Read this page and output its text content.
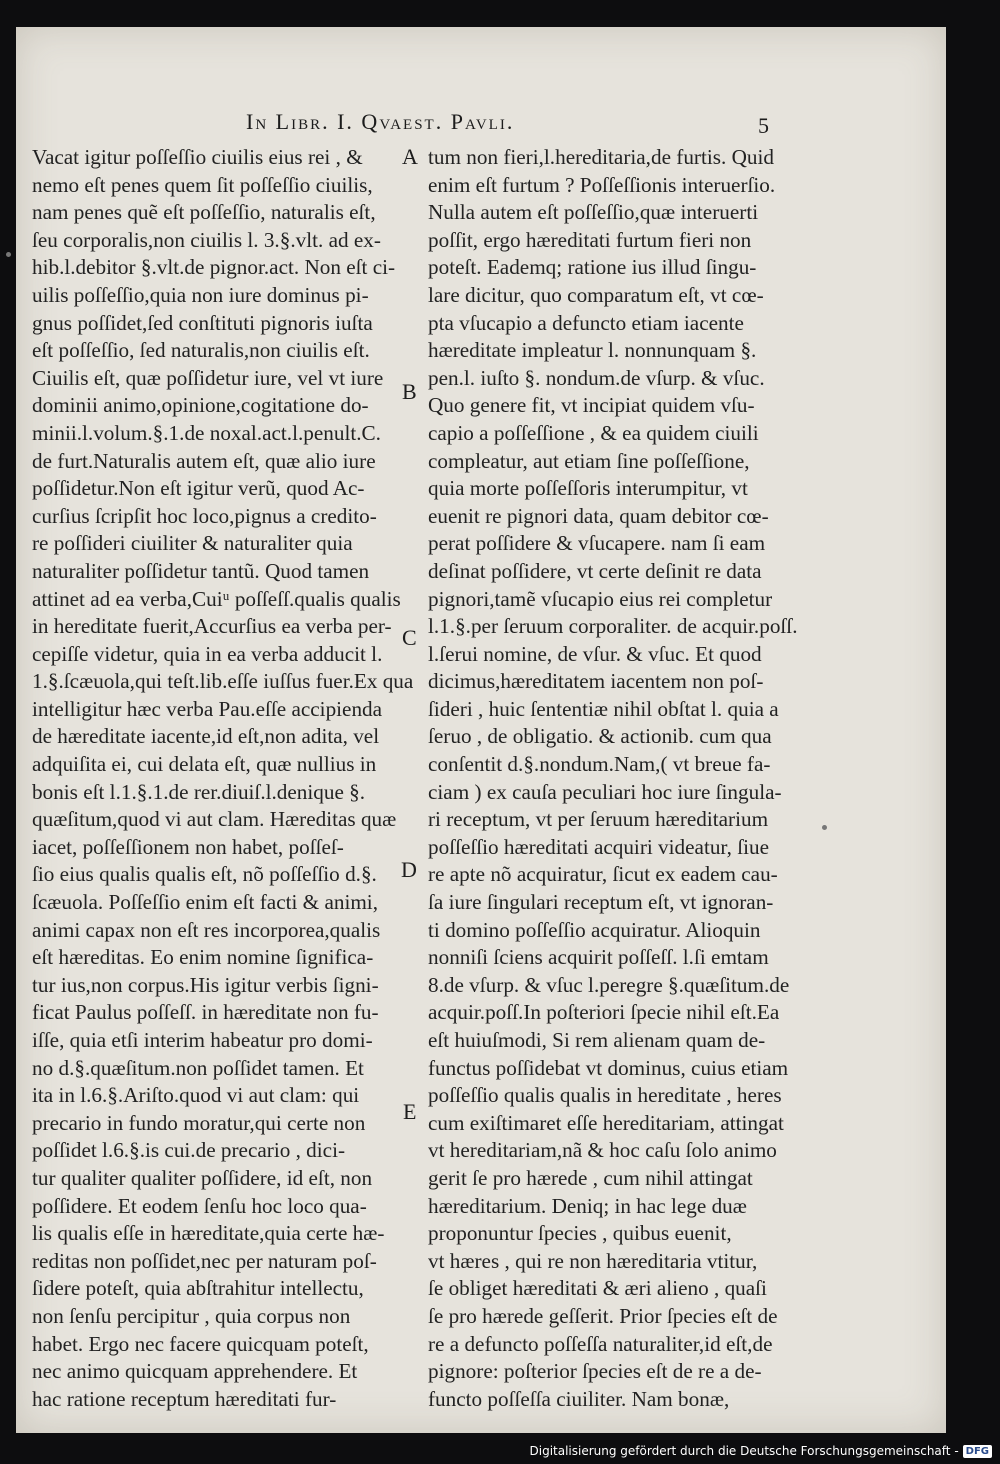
In Libr. I. Qvaest. Pavli.	5
Vacat igitur poſſeſſio ciuilis eius rei , &
nemo eſt penes quem ſit poſſeſſio ciuilis,
nam penes quẽ eſt poſſeſſio, naturalis eſt,
ſeu corporalis,non ciuilis l. 3.§.vlt. ad ex-
hib.l.debitor §.vlt.de pignor.act. Non eſt ci-
uilis poſſeſſio,quia non iure dominus pi-
gnus poſſidet,ſed conſtituti pignoris iuſta
eſt poſſeſſio, ſed naturalis,non ciuilis eſt.
Ciuilis eſt, quæ poſſidetur iure, vel vt iure
dominii animo,opinione,cogitatione do-
minii.l.volum.§.1.de noxal.act.l.penult.C.
de furt.Naturalis autem eſt, quæ alio iure
poſſidetur.Non eſt igitur verũ, quod Ac-
curſius ſcripſit hoc loco,pignus a credito-
re poſſideri ciuiliter & naturaliter quia
naturaliter poſſidetur tantũ. Quod tamen
attinet ad ea verba,Cuiᵘ poſſeſſ.qualis qualis
in hereditate fuerit,Accurſius ea verba per-
cepiſſe videtur, quia in ea verba adducit l.
1.§.ſcæuola,qui teſt.lib.eſſe iuſſus fuer.Ex qua
intelligitur hæc verba Pau.eſſe accipienda
de hæreditate iacente,id eſt,non adita, vel
adquiſita ei, cui delata eſt, quæ nullius in
bonis eſt l.1.§.1.de rer.diuiſ.l.denique §.
quæſitum,quod vi aut clam. Hæreditas quæ
iacet, poſſeſſionem non habet, poſſeſ-
ſio eius qualis qualis eſt, nõ poſſeſſio d.§.
ſcæuola. Poſſeſſio enim eſt facti & animi,
animi capax non eſt res incorporea,qualis
eſt hæreditas. Eo enim nomine ſignifica-
tur ius,non corpus.His igitur verbis ſigni-
ficat Paulus poſſeſſ. in hæreditate non fu-
iſſe, quia etſi interim habeatur pro domi-
no d.§.quæſitum.non poſſidet tamen. Et
ita in l.6.§.Ariſto.quod vi aut clam: qui
precario in fundo moratur,qui certe non
poſſidet l.6.§.is cui.de precario , dici-
tur qualiter qualiter poſſidere, id eſt, non
poſſidere. Et eodem ſenſu hoc loco qua-
lis qualis eſſe in hæreditate,quia certe hæ-
reditas non poſſidet,nec per naturam poſ-
ſidere poteſt, quia abſtrahitur intellectu,
non ſenſu percipitur , quia corpus non
habet. Ergo nec facere quicquam poteſt,
nec animo quicquam apprehendere. Et
hac ratione receptum hæreditati fur-
tum non fieri,l.hereditaria,de furtis. Quid
enim eſt furtum ? Poſſeſſionis interuerſio.
Nulla autem eſt poſſeſſio,quæ interuerti
poſſit, ergo hæreditati furtum fieri non
poteſt. Eademq; ratione ius illud ſingu-
lare dicitur, quo comparatum eſt, vt cœ-
pta vſucapio a defuncto etiam iacente
hæreditate impleatur l. nonnunquam §.
pen.l. iuſto §. nondum.de vſurp. & vſuc.
Quo genere fit, vt incipiat quidem vſu-
capio a poſſeſſione , & ea quidem ciuili
compleatur, aut etiam ſine poſſeſſione,
quia morte poſſeſſoris interumpitur, vt
euenit re pignori data, quam debitor cœ-
perat poſſidere & vſucapere. nam ſi eam
deſinat poſſidere, vt certe deſinit re data
pignori,tamẽ vſucapio eius rei completur
l.1.§.per ſeruum corporaliter. de acquir.poſſ.
l.ſerui nomine, de vſur. & vſuc. Et quod
dicimus,hæreditatem iacentem non poſ-
ſideri , huic ſententiæ nihil obſtat l. quia a
ſeruo , de obligatio. & actionib. cum qua
conſentit d.§.nondum.Nam,( vt breue fa-
ciam ) ex cauſa peculiari hoc iure ſingula-
ri receptum, vt per ſeruum hæreditarium
poſſeſſio hæreditati acquiri videatur, ſiue
re apte nõ acquiratur, ſicut ex eadem cau-
ſa iure ſingulari receptum eſt, vt ignoran-
ti domino poſſeſſio acquiratur. Alioquin
nonniſi ſciens acquirit poſſeſſ. l.ſi emtam
8.de vſurp. & vſuc l.peregre §.quæſitum.de
acquir.poſſ.In poſteriori ſpecie nihil eſt.Ea
eſt huiuſmodi, Si rem alienam quam de-
functus poſſidebat vt dominus, cuius etiam
poſſeſſio qualis qualis in hereditate , heres
cum exiſtimaret eſſe hereditariam, attingat
vt hereditariam,nã & hoc caſu ſolo animo
gerit ſe pro hærede , cum nihil attingat
hæreditarium. Deniq; in hac lege duæ
proponuntur ſpecies , quibus euenit,
vt hæres , qui re non hæreditaria vtitur,
ſe obliget hæreditati & æri alieno , quaſi
ſe pro hærede geſſerit. Prior ſpecies eſt de
re a defuncto poſſeſſa naturaliter,id eſt,de
pignore: poſterior ſpecies eſt de re a de-
functo poſſeſſa ciuiliter. Nam bonæ,
A
B
C
D
E
Digitalisierung gefördert durch die Deutsche Forschungsgemeinschaft - DFG
